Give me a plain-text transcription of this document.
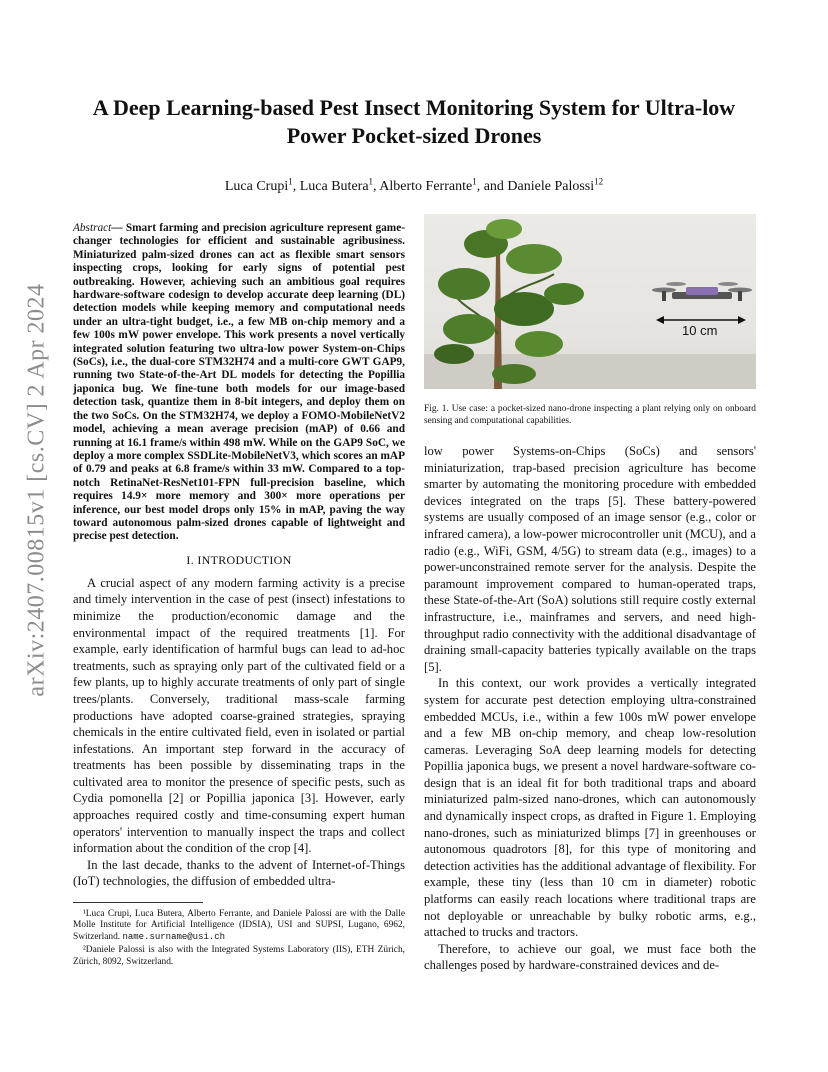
arXiv:2407.00815v1 [cs.CV] 2 Apr 2024
A Deep Learning-based Pest Insect Monitoring System for Ultra-low Power Pocket-sized Drones
Luca Crupi$^1$, Luca Butera$^1$, Alberto Ferrante$^1$, and Daniele Palossi$^{12}$

Abstract— Smart farming and precision agriculture represent game-changer technologies for efficient and sustainable agribusiness. Miniaturized palm-sized drones can act as flexible smart sensors inspecting crops, looking for early signs of potential pest outbreaking. However, achieving such an ambitious goal requires hardware-software codesign to develop accurate deep learning (DL) detection models while keeping memory and computational needs under an ultra-tight budget, i.e., a few MB on-chip memory and a few 100s mW power envelope. This work presents a novel vertically integrated solution featuring two ultra-low power System-on-Chips (SoCs), i.e., the dual-core STM32H74 and a multi-core GWT GAP9, running two State-of-the-Art DL models for detecting the Popillia japonica bug. We fine-tune both models for our image-based detection task, quantize them in 8-bit integers, and deploy them on the two SoCs. On the STM32H74, we deploy a FOMO-MobileNetV2 model, achieving a mean average precision (mAP) of 0.66 and running at 16.1 frame/s within 498 mW. While on the GAP9 SoC, we deploy a more complex SSDLite-MobileNetV3, which scores an mAP of 0.79 and peaks at 6.8 frame/s within 33 mW. Compared to a top-notch RetinaNet-ResNet101-FPN full-precision baseline, which requires 14.9× more memory and 300× more operations per inference, our best model drops only 15% in mAP, paving the way toward autonomous palm-sized drones capable of lightweight and precise pest detection.

I. INTRODUCTION

A crucial aspect of any modern farming activity is a precise and timely intervention in the case of pest (insect) infestations to minimize the production/economic damage and the environmental impact of the required treatments [1]. For example, early identification of harmful bugs can lead to ad-hoc treatments, such as spraying only part of the cultivated field or a few plants, up to highly accurate treatments of only part of single trees/plants. Conversely, traditional mass-scale farming productions have adopted coarse-grained strategies, spraying chemicals in the entire cultivated field, even in isolated or partial infestations. An important step forward in the accuracy of treatments has been possible by disseminating traps in the cultivated area to monitor the presence of specific pests, such as Cydia pomonella [2] or Popillia japonica [3]. However, early approaches required costly and time-consuming expert human operators' intervention to manually inspect the traps and collect information about the condition of the crop [4].

In the last decade, thanks to the advent of Internet-of-Things (IoT) technologies, the diffusion of embedded ultra-

¹Luca Crupi, Luca Butera, Alberto Ferrante, and Daniele Palossi are with the Dalle Molle Institute for Artificial Intelligence (IDSIA), USI and SUPSI, Lugano, 6962, Switzerland. name.surname@usi.ch

²Daniele Palossi is also with the Integrated Systems Laboratory (IIS), ETH Zürich, Zürich, 8092, Switzerland.

10 cm

Fig. 1. Use case: a pocket-sized nano-drone inspecting a plant relying only on onboard sensing and computational capabilities.

low power Systems-on-Chips (SoCs) and sensors' miniaturization, trap-based precision agriculture has become smarter by automating the monitoring procedure with embedded devices integrated on the traps [5]. These battery-powered systems are usually composed of an image sensor (e.g., color or infrared camera), a low-power microcontroller unit (MCU), and a radio (e.g., WiFi, GSM, 4/5G) to stream data (e.g., images) to a power-unconstrained remote server for the analysis. Despite the paramount improvement compared to human-operated traps, these State-of-the-Art (SoA) solutions still require costly external infrastructure, i.e., mainframes and servers, and need high-throughput radio connectivity with the additional disadvantage of draining small-capacity batteries typically available on the traps [5].

In this context, our work provides a vertically integrated system for accurate pest detection employing ultra-constrained embedded MCUs, i.e., within a few 100s mW power envelope and a few MB on-chip memory, and cheap low-resolution cameras. Leveraging SoA deep learning models for detecting Popillia japonica bugs, we present a novel hardware-software co-design that is an ideal fit for both traditional traps and aboard miniaturized palm-sized nano-drones, which can autonomously and dynamically inspect crops, as drafted in Figure 1. Employing nano-drones, such as miniaturized blimps [7] in greenhouses or autonomous quadrotors [8], for this type of monitoring and detection activities has the additional advantage of flexibility. For example, these tiny (less than 10 cm in diameter) robotic platforms can easily reach locations where traditional traps are not deployable or unreachable by bulky robotic arms, e.g., attached to trucks and tractors.

Therefore, to achieve our goal, we must face both the challenges posed by hardware-constrained devices and de-
